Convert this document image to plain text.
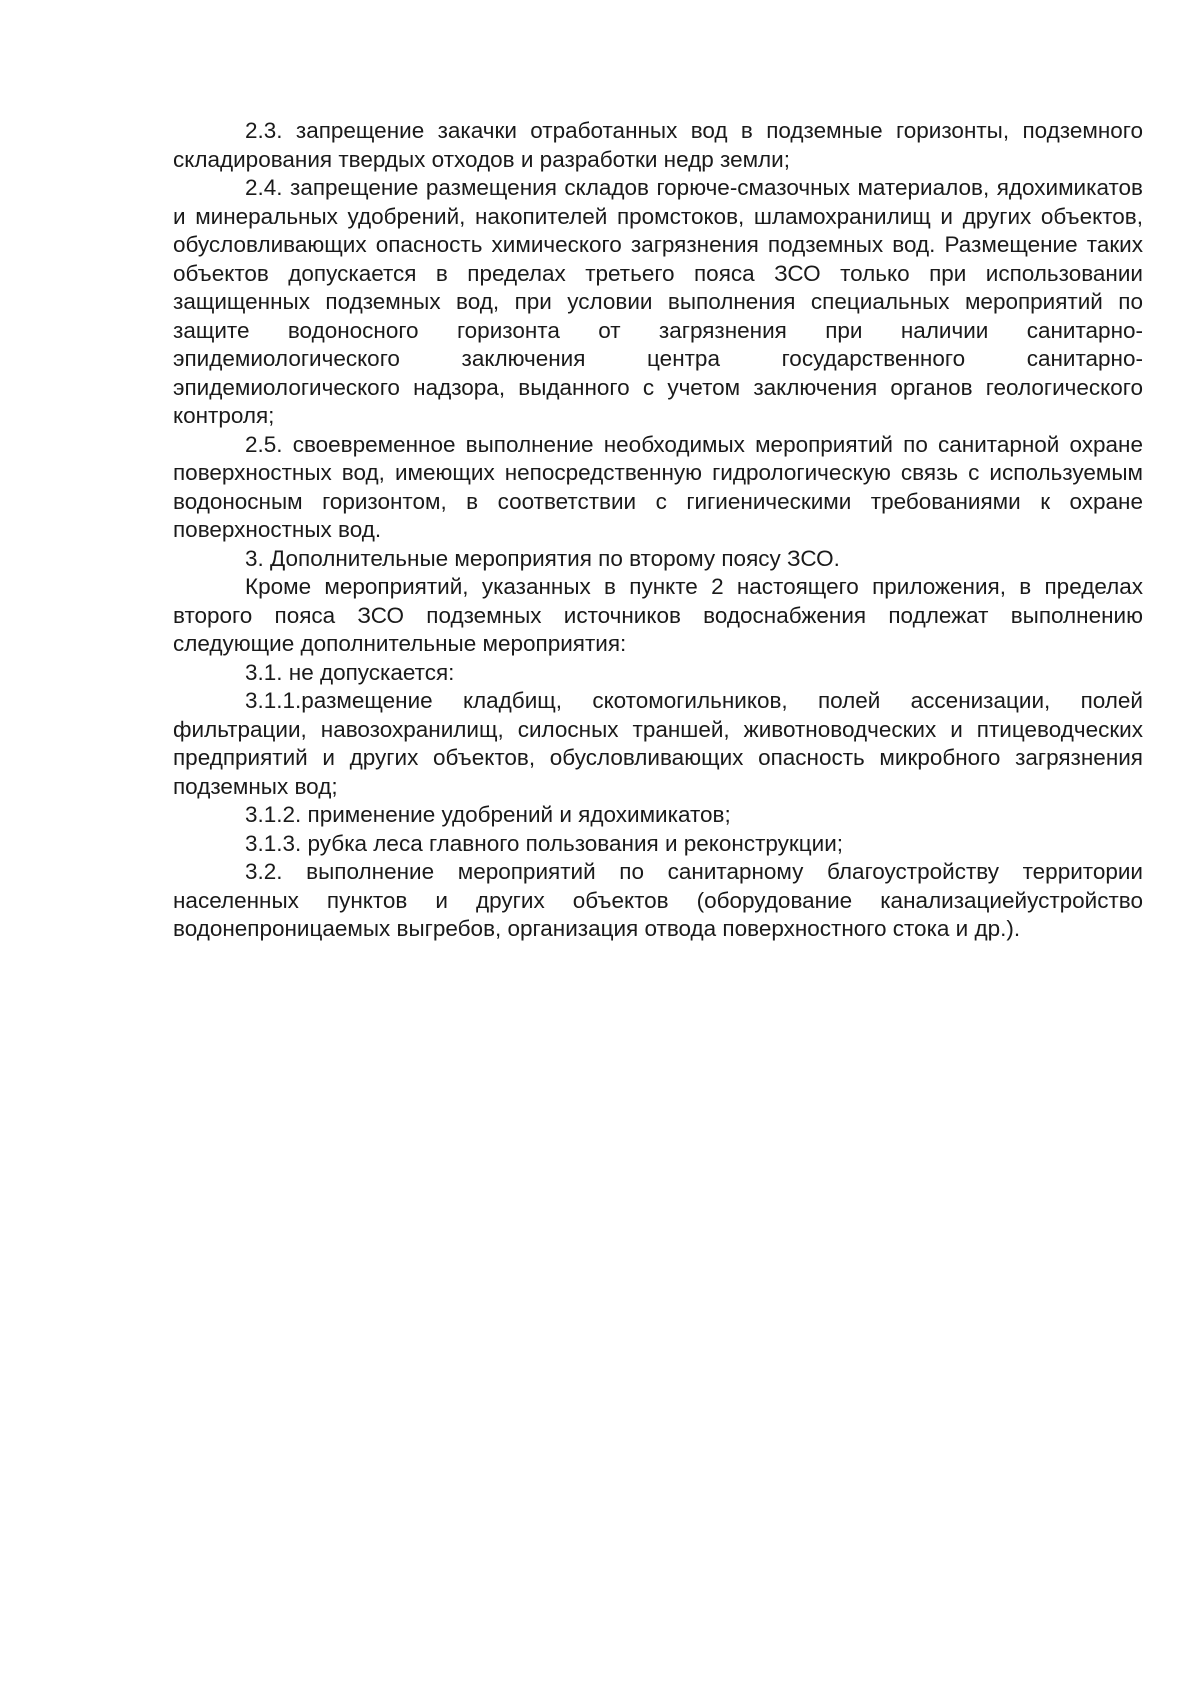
2.3. запрещение закачки отработанных вод в подземные горизонты, подземного складирования твердых отходов и разработки недр земли;

2.4. запрещение размещения складов горюче-смазочных материалов, ядохимикатов и минеральных удобрений, накопителей промстоков, шламохранилищ и других объектов, обусловливающих опасность химического загрязнения подземных вод. Размещение таких объектов допускается в пределах третьего пояса ЗСО только при использовании защищенных подземных вод, при условии выполнения специальных мероприятий по защите водоносного горизонта от загрязнения при наличии санитарно-эпидемиологического заключения центра государственного санитарно-эпидемиологического надзора, выданного с учетом заключения органов геологического контроля;

2.5. своевременное выполнение необходимых мероприятий по санитарной охране поверхностных вод, имеющих непосредственную гидрологическую связь с используемым водоносным горизонтом, в соответствии с гигиеническими требованиями к охране поверхностных вод.

3. Дополнительные мероприятия по второму поясу ЗСО.

Кроме мероприятий, указанных в пункте 2 настоящего приложения, в пределах второго пояса ЗСО подземных источников водоснабжения подлежат выполнению следующие дополнительные мероприятия:

3.1. не допускается:

3.1.1.размещение кладбищ, скотомогильников, полей ассенизации, полей фильтрации, навозохранилищ, силосных траншей, животноводческих и птицеводческих предприятий и других объектов, обусловливающих опасность микробного загрязнения подземных вод;

3.1.2. применение удобрений и ядохимикатов;

3.1.3. рубка леса главного пользования и реконструкции;

3.2. выполнение мероприятий по санитарному благоустройству территории населенных пунктов и других объектов (оборудование канализациейустройство водонепроницаемых выгребов, организация отвода поверхностного стока и др.).
